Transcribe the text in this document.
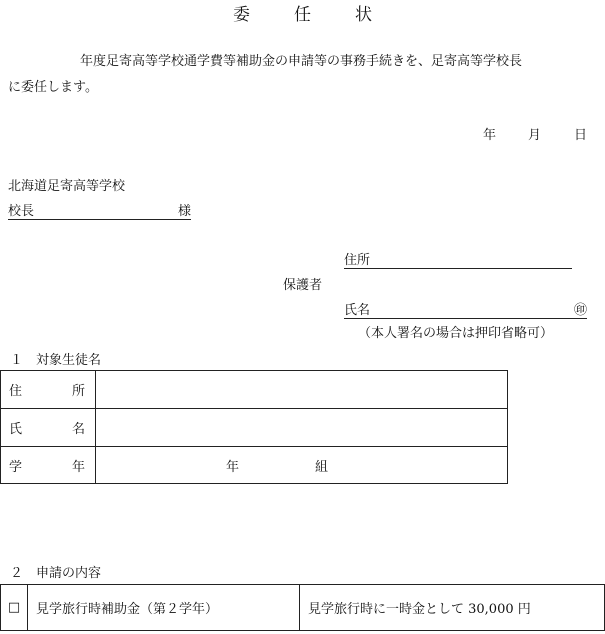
委	任	状
年度足寄高等学校通学費等補助金の申請等の事務手続きを、足寄高等学校長
に委任します。
年 月	日
北海道足寄高等学校
校長	様
住所
保護者
氏名	㊞
（本人署名の場合は押印省略可）
１　対象生徒名
住 所	

氏 名	

学 年	年 組
２　申請の内容
□	見学旅行時補助金（第２学年）	見学旅行時に一時金として 30,000 円
